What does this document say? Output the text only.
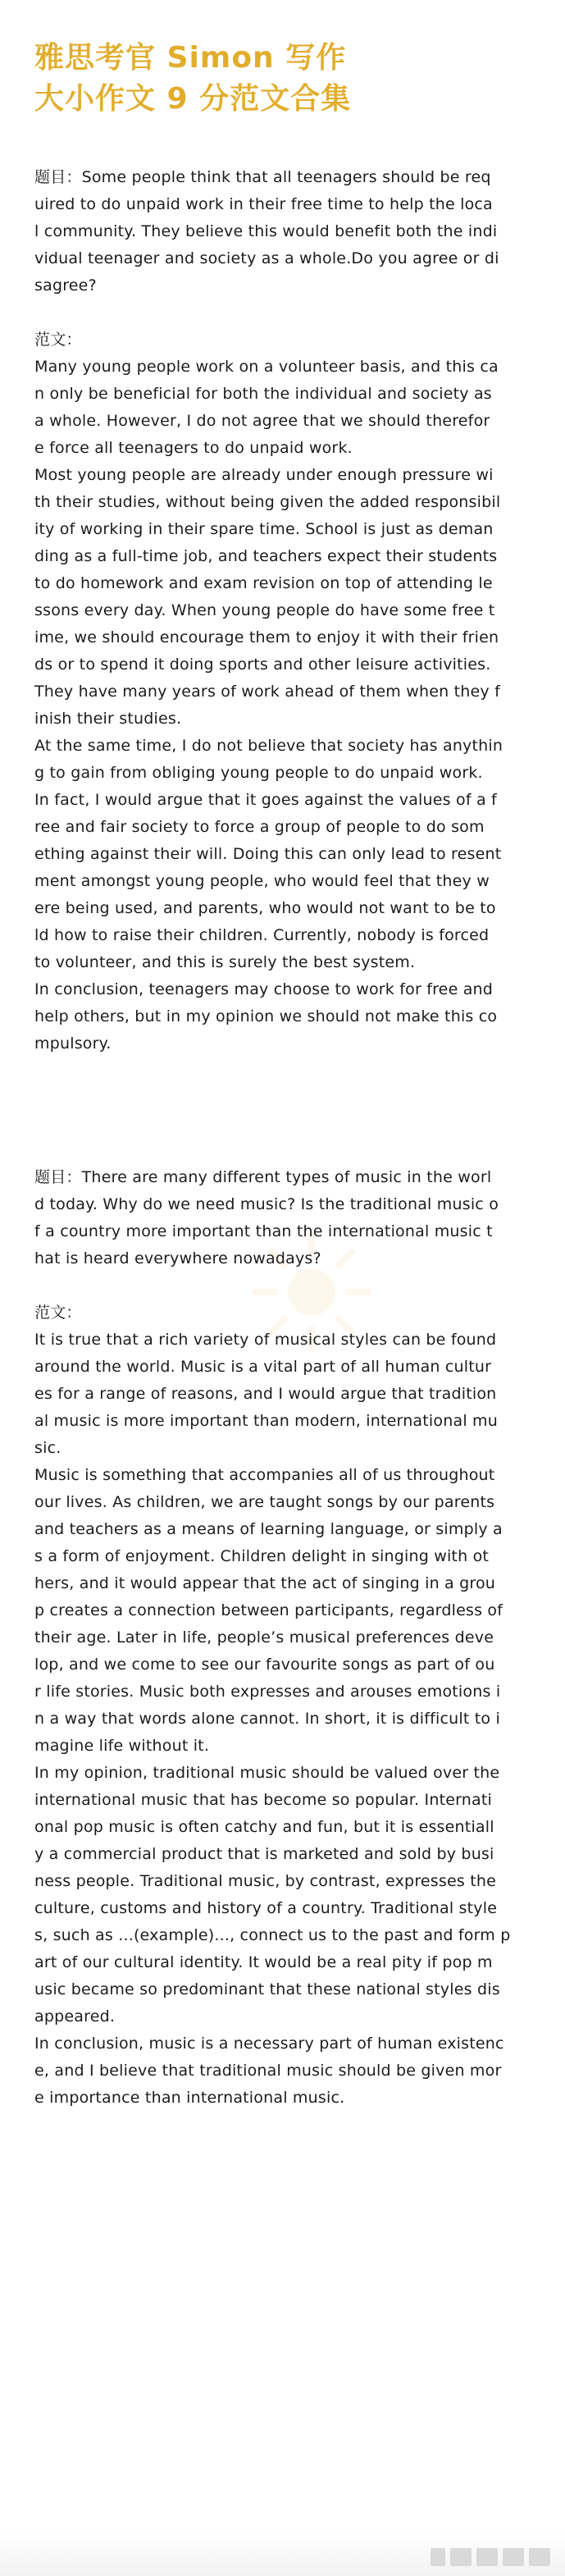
雅思考官 Simon 写作

大小作文 9 分范文合集

题目：Some people think that all teenagers should be req

uired to do unpaid work in their free time to help the loca

l community. They believe this would benefit both the indi

vidual teenager and society as a whole.Do you agree or di

sagree?

范文：

Many young people work on a volunteer basis, and this ca

n only be beneficial for both the individual and society as

a whole. However, I do not agree that we should therefor

e force all teenagers to do unpaid work.

Most young people are already under enough pressure wi

th their studies, without being given the added responsibil

ity of working in their spare time. School is just as deman

ding as a full-time job, and teachers expect their students

to do homework and exam revision on top of attending le

ssons every day. When young people do have some free t

ime, we should encourage them to enjoy it with their frien

ds or to spend it doing sports and other leisure activities.

They have many years of work ahead of them when they f

inish their studies.

At the same time, I do not believe that society has anythin

g to gain from obliging young people to do unpaid work.

In fact, I would argue that it goes against the values of a f

ree and fair society to force a group of people to do som

ething against their will. Doing this can only lead to resent

ment amongst young people, who would feel that they w

ere being used, and parents, who would not want to be to

ld how to raise their children. Currently, nobody is forced

to volunteer, and this is surely the best system.

In conclusion, teenagers may choose to work for free and

help others, but in my opinion we should not make this co

mpulsory.

题目：There are many different types of music in the worl

d today. Why do we need music? Is the traditional music o

f a country more important than the international music t

hat is heard everywhere nowadays?

范文：

It is true that a rich variety of musical styles can be found

around the world. Music is a vital part of all human cultur

es for a range of reasons, and I would argue that tradition

al music is more important than modern, international mu

sic.

Music is something that accompanies all of us throughout

our lives. As children, we are taught songs by our parents

and teachers as a means of learning language, or simply a

s a form of enjoyment. Children delight in singing with ot

hers, and it would appear that the act of singing in a grou

p creates a connection between participants, regardless of

their age. Later in life, people’s musical preferences deve

lop, and we come to see our favourite songs as part of ou

r life stories. Music both expresses and arouses emotions i

n a way that words alone cannot. In short, it is difficult to i

magine life without it.

In my opinion, traditional music should be valued over the

international music that has become so popular. Internati

onal pop music is often catchy and fun, but it is essentiall

y a commercial product that is marketed and sold by busi

ness people. Traditional music, by contrast, expresses the

culture, customs and history of a country. Traditional style

s, such as ...(example)..., connect us to the past and form p

art of our cultural identity. It would be a real pity if pop m

usic became so predominant that these national styles dis

appeared.

In conclusion, music is a necessary part of human existenc

e, and I believe that traditional music should be given mor

e importance than international music.
